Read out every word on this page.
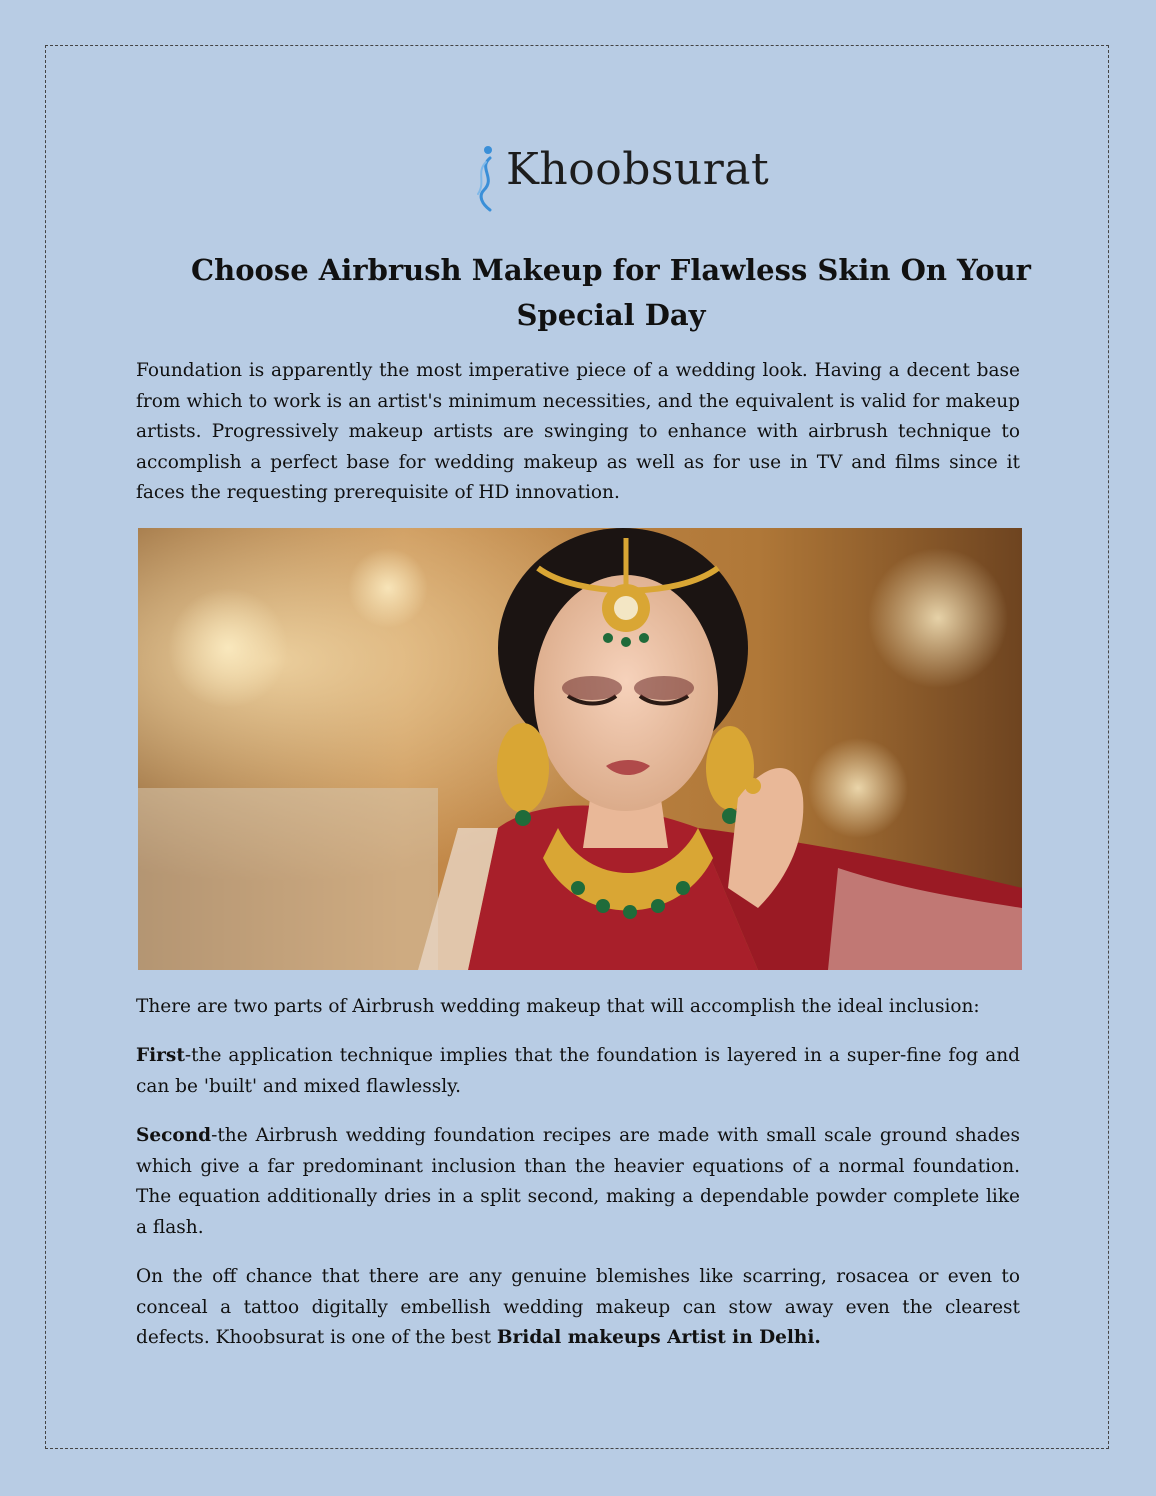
Khoobsurat
Choose Airbrush Makeup for Flawless Skin On Your Special Day

Foundation is apparently the most imperative piece of a wedding look. Having a decent base from which to work is an artist's minimum necessities, and the equivalent is valid for makeup artists. Progressively makeup artists are swinging to enhance with airbrush technique to accomplish a perfect base for wedding makeup as well as for use in TV and films since it faces the requesting prerequisite of HD innovation.

There are two parts of Airbrush wedding makeup that will accomplish the ideal inclusion:

First-the application technique implies that the foundation is layered in a super-fine fog and can be 'built' and mixed flawlessly.

Second-the Airbrush wedding foundation recipes are made with small scale ground shades which give a far predominant inclusion than the heavier equations of a normal foundation. The equation additionally dries in a split second, making a dependable powder complete like a flash.

On the off chance that there are any genuine blemishes like scarring, rosacea or even to conceal a tattoo digitally embellish wedding makeup can stow away even the clearest defects. Khoobsurat is one of the best Bridal makeups Artist in Delhi.
